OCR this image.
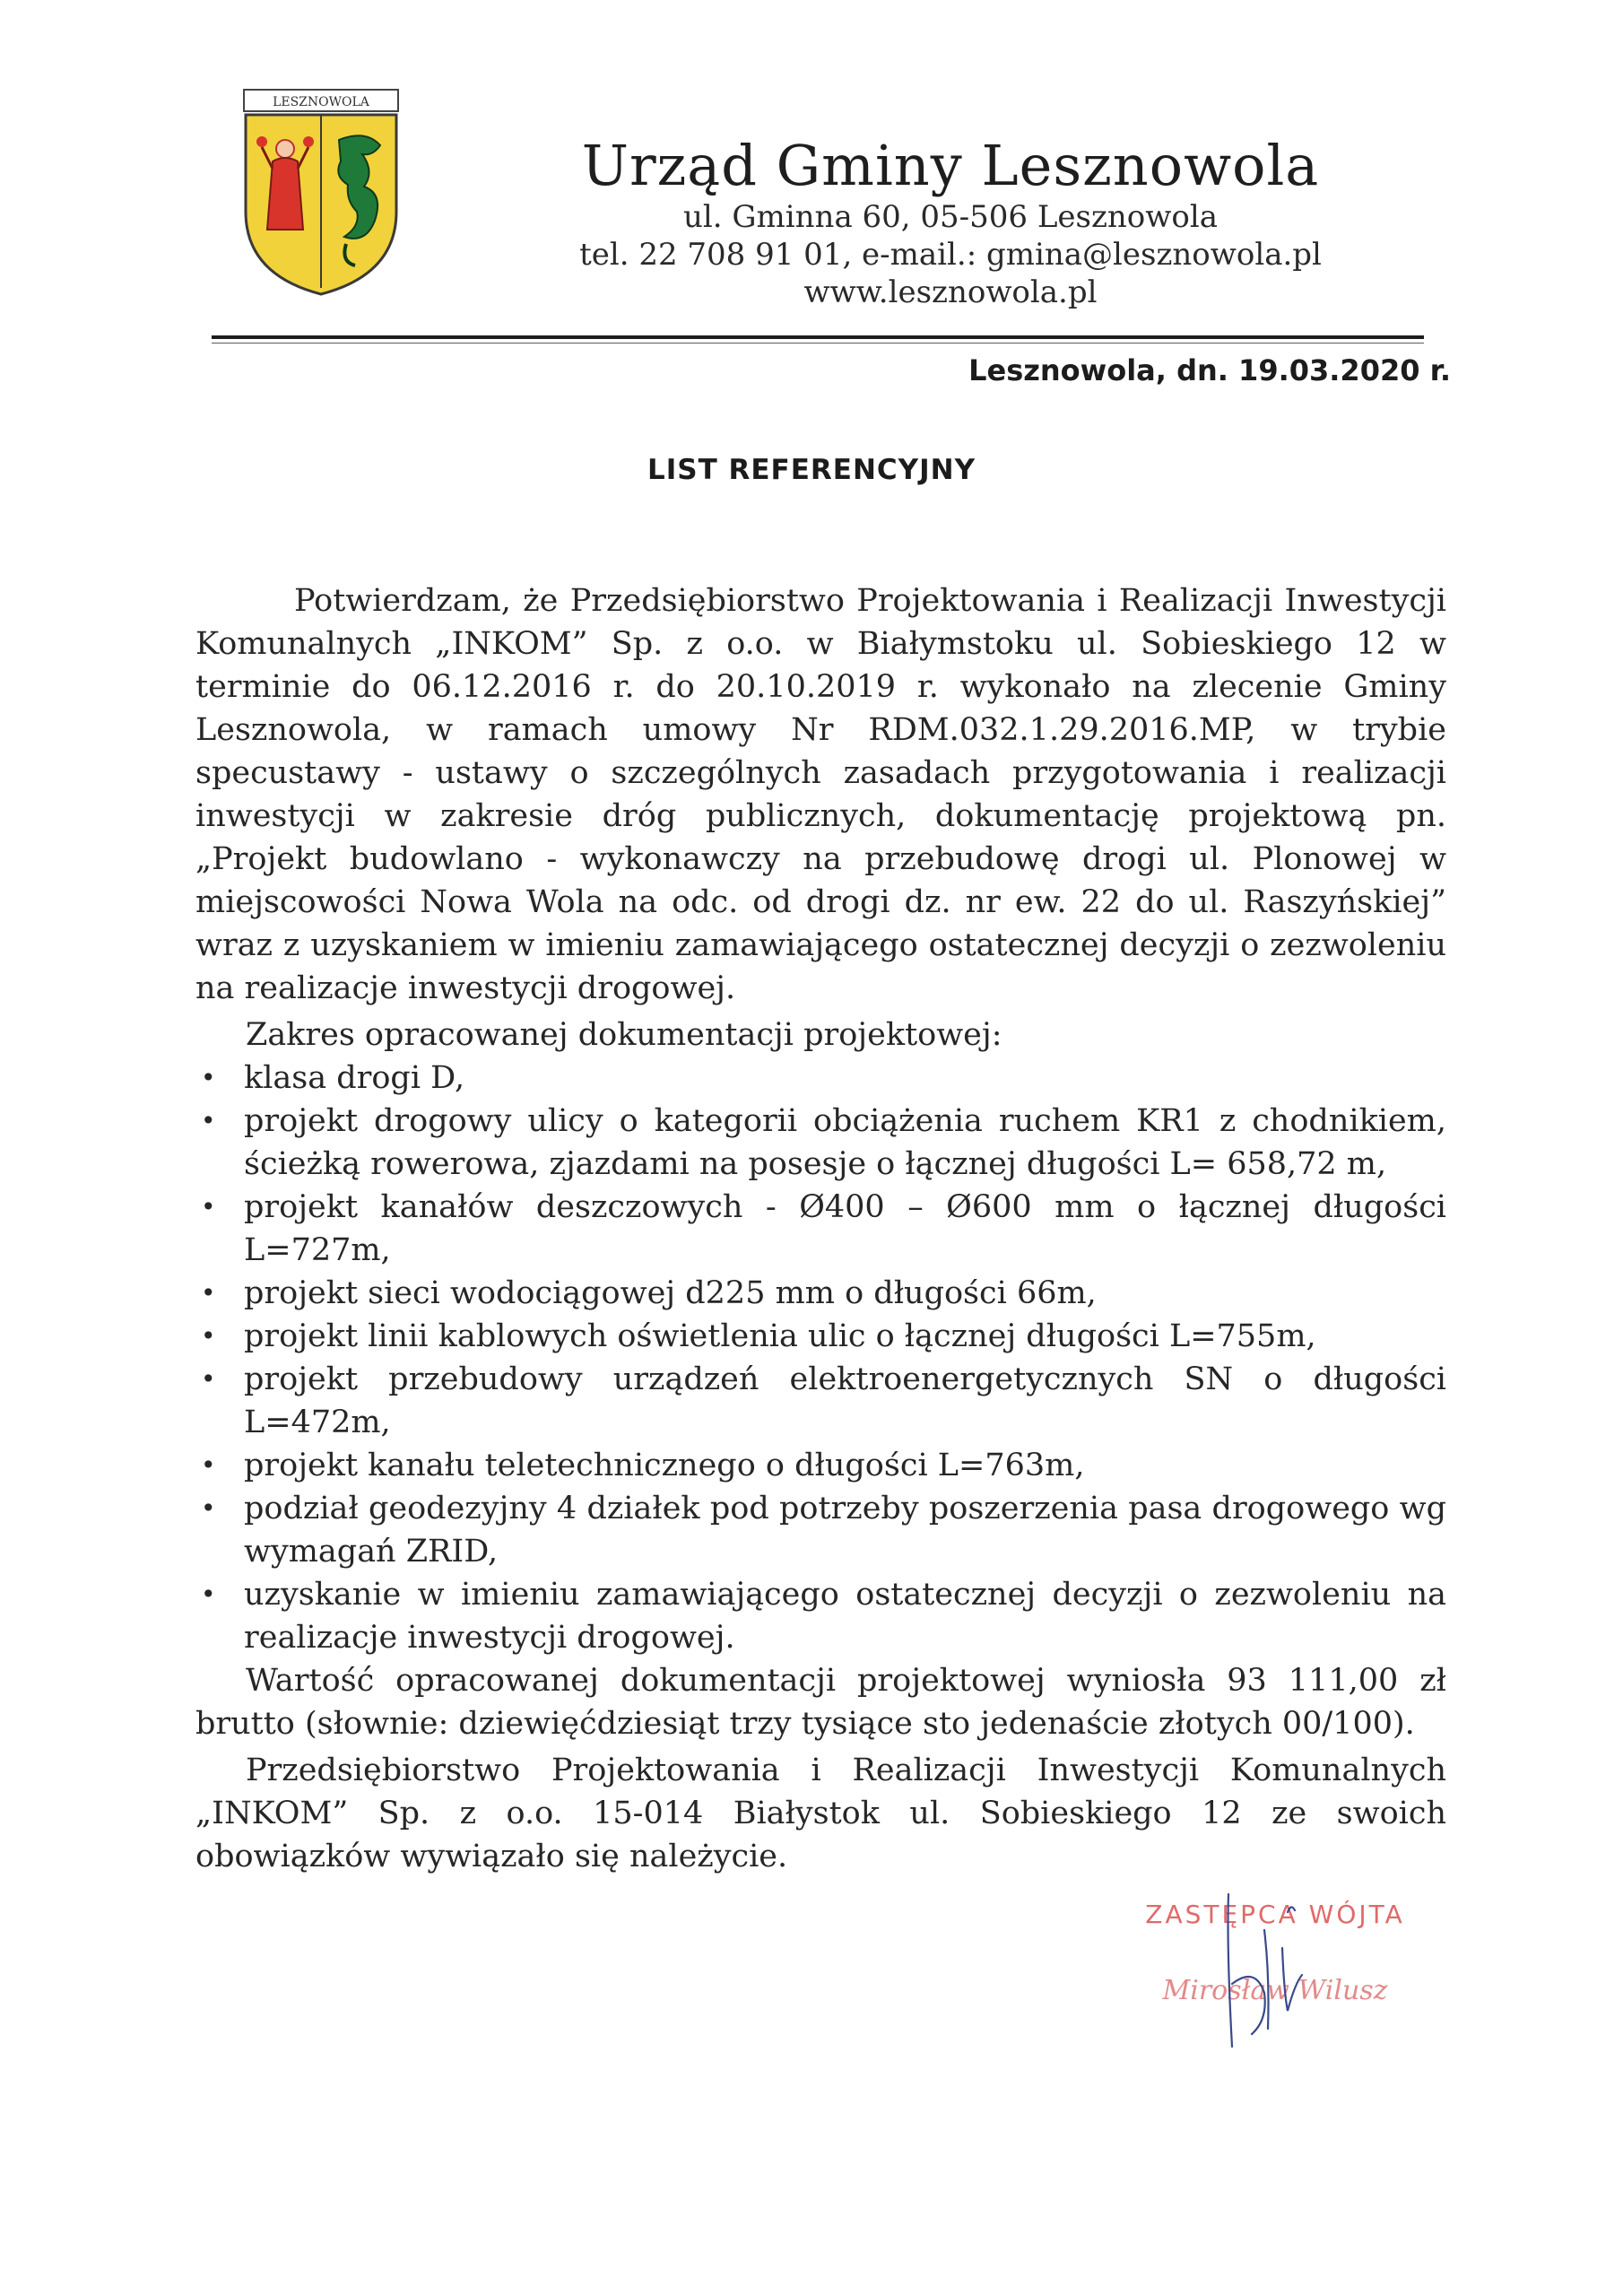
LESZNOWOLA
Urząd Gminy Lesznowola
ul. Gminna 60, 05-506 Lesznowola
tel. 22 708 91 01, e-mail.: gmina@lesznowola.pl
www.lesznowola.pl
Lesznowola, dn. 19.03.2020 r.
LIST REFERENCYJNY

Potwierdzam, że Przedsiębiorstwo Projektowania i Realizacji Inwestycji Komunalnych „INKOM” Sp. z o.o. w Białymstoku ul. Sobieskiego 12 w terminie do 06.12.2016 r. do 20.10.2019 r. wykonało na zlecenie Gminy Lesznowola, w ramach umowy Nr RDM.032.1.29.2016.MP, w trybie specustawy - ustawy o szczególnych zasadach przygotowania i realizacji inwestycji w zakresie dróg publicznych, dokumentację projektową pn. „Projekt budowlano - wykonawczy na przebudowę drogi ul. Plonowej w miejscowości Nowa Wola na odc. od drogi dz. nr ew. 22 do ul. Raszyńskiej” wraz z uzyskaniem w imieniu zamawiającego ostatecznej decyzji o zezwoleniu na realizacje inwestycji drogowej.

Zakres opracowanej dokumentacji projektowej:

• klasa drogi D,
• projekt drogowy ulicy o kategorii obciążenia ruchem KR1 z chodnikiem, ścieżką rowerowa, zjazdami na posesje o łącznej długości L= 658,72 m,
• projekt kanałów deszczowych - Ø400 – Ø600 mm o łącznej długości L=727m,
• projekt sieci wodociągowej d225 mm o długości 66m,
• projekt linii kablowych oświetlenia ulic o łącznej długości L=755m,
• projekt przebudowy urządzeń elektroenergetycznych SN o długości L=472m,
• projekt kanału teletechnicznego o długości L=763m,
• podział geodezyjny 4 działek pod potrzeby poszerzenia pasa drogowego wg wymagań ZRID,
• uzyskanie w imieniu zamawiającego ostatecznej decyzji o zezwoleniu na realizacje inwestycji drogowej.

Wartość opracowanej dokumentacji projektowej wyniosła 93 111,00 zł brutto (słownie: dziewięćdziesiąt trzy tysiące sto jedenaście złotych 00/100).

Przedsiębiorstwo Projektowania i Realizacji Inwestycji Komunalnych „INKOM” Sp. z o.o. 15-014 Białystok ul. Sobieskiego 12 ze swoich obowiązków wywiązało się należycie.

ZASTĘPCA WÓJTA
Mirosław Wilusz
